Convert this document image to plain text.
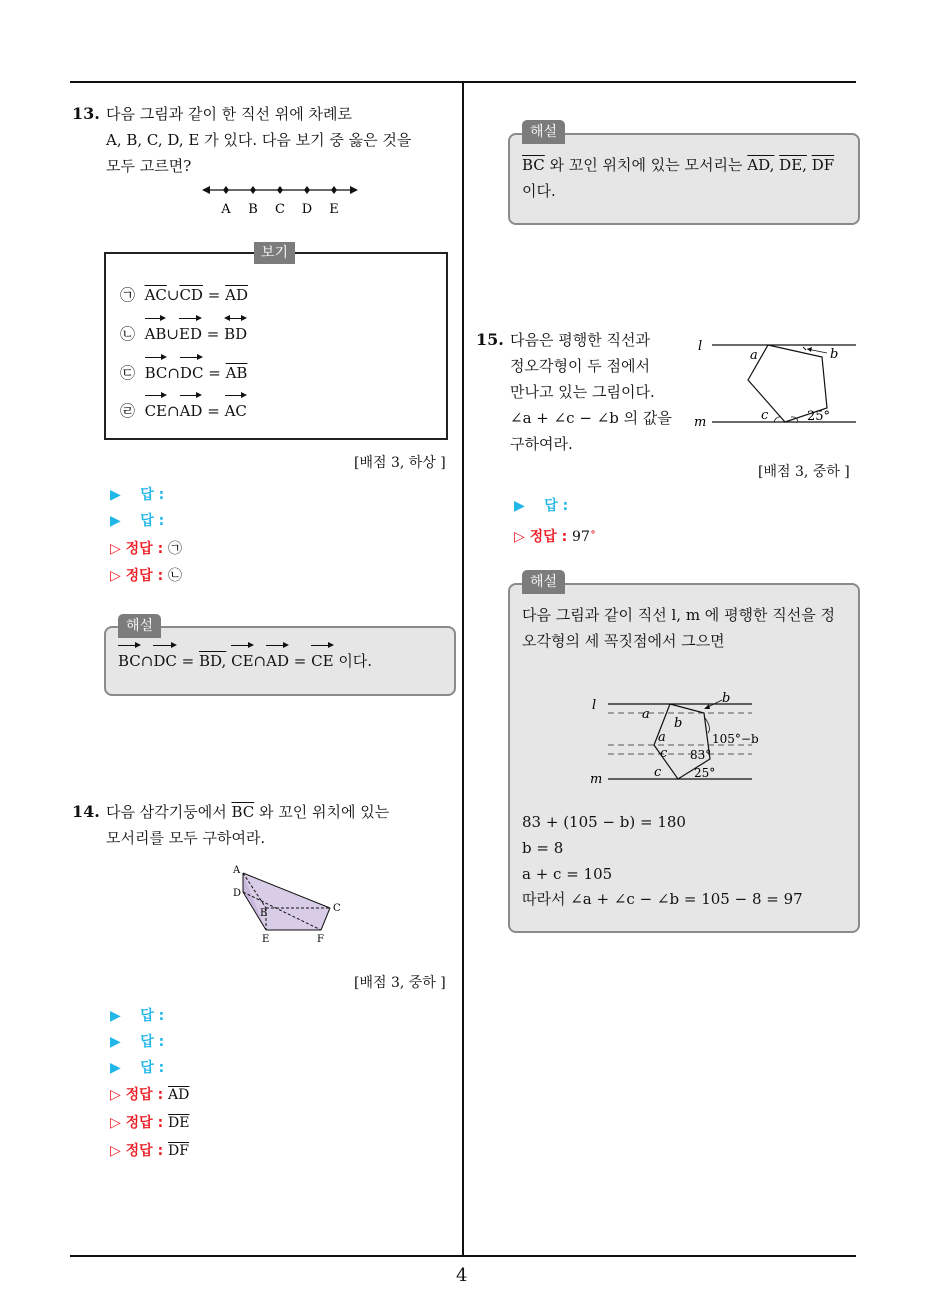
4
13. 다음 그림과 같이 한 직선 위에 차례로
A, B, C, D, E 가 있다. 다음 보기 중 옳은 것을
모두 고르면?
A B C D E
보기
㉠ $\overline{AC}\cup\overline{CD} = \overline{AD}$
㉡ AB∪ED = BD
㉢ BC∩DC = $\overline{AB}$
㉣ CE∩AD = AC
[배점 3, 하상 ]
▶    답 :
▶    답 :
▷ 정답 : ㉠
▷ 정답 : ㉡
해설
BC∩DC = BD, CE∩AD = CE 이다.
14. 다음 삼각기둥에서 $\overline{BC}$ 와 꼬인 위치에 있는
모서리를 모두 구하여라.
A
D
B	C
E	F
[배점 3, 중하 ]
▶    답 :
▶    답 :
▶    답 :
▷ 정답 : $\overline{AD}$
▷ 정답 : $\overline{DE}$
▷ 정답 : $\overline{DF}$
해설
$\overline{BC}$ 와 꼬인 위치에 있는 모서리는 AD, DE, $\overline{DF}$
이다.
15. 다음은 평행한 직선과
정오각형이 두 점에서
만나고 있는 그림이다.
∠a + ∠c − ∠b 의 값을
구하여라.
l
m
a	b
c	25°
[배점 3, 중하 ]
▶    답 :
▷ 정답 : 97∘
해설
다음 그림과 같이 직선 l, m 에 평행한 직선을 정
오각형의 세 꼭짓점에서 그으면
l
m
a
a
b
b
c
c
105°−b
83°
25°
83 + (105 − b) = 180
b = 8
a + c = 105
따라서 ∠a + ∠c − ∠b = 105 − 8 = 97
